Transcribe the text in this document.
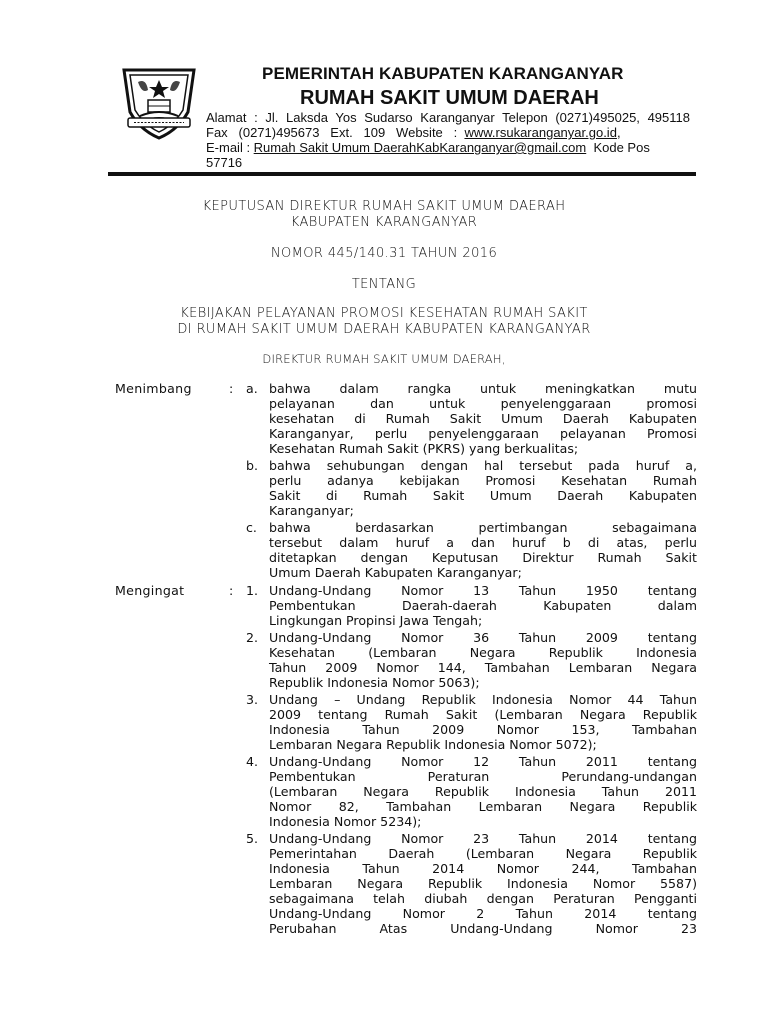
PEMERINTAH KABUPATEN KARANGANYAR
RUMAH SAKIT UMUM DAERAH
Alamat : Jl. Laksda Yos Sudarso Karanganyar Telepon (0271)495025, 495118
Fax   (0271)495673   Ext.   109   Website   :  www.rsukaranganyar.go.id,
E-mail : Rumah Sakit Umum DaerahKabKaranganyar@gmail.com  Kode Pos
57716
KEPUTUSAN DIREKTUR RUMAH SAKIT UMUM DAERAH
KABUPATEN KARANGANYAR
NOMOR 445/140.31 TAHUN 2016
TENTANG
KEBIJAKAN PELAYANAN PROMOSI KESEHATAN RUMAH SAKIT
DI RUMAH SAKIT UMUM DAERAH KABUPATEN KARANGANYAR
DIREKTUR RUMAH SAKIT UMUM DAERAH,
Menimbang	: a. bahwa dalam rangka untuk meningkatkan mutu
pelayanan dan untuk penyelenggaraan promosi
kesehatan di Rumah Sakit Umum Daerah Kabupaten
Karanganyar, perlu penyelenggaraan pelayanan Promosi
Kesehatan Rumah Sakit (PKRS) yang berkualitas;
b. bahwa sehubungan dengan hal tersebut pada huruf a,
perlu adanya kebijakan Promosi Kesehatan Rumah
Sakit di Rumah Sakit Umum Daerah Kabupaten
Karanganyar;
c. bahwa berdasarkan pertimbangan sebagaimana
tersebut dalam huruf a dan huruf b di atas, perlu
ditetapkan dengan Keputusan Direktur Rumah Sakit
Umum Daerah Kabupaten Karanganyar;
Mengingat	: 1. Undang-Undang Nomor 13 Tahun 1950 tentang
Pembentukan Daerah-daerah Kabupaten dalam
Lingkungan Propinsi Jawa Tengah;
2. Undang-Undang Nomor 36 Tahun 2009 tentang
Kesehatan (Lembaran Negara Republik Indonesia
Tahun 2009 Nomor 144, Tambahan Lembaran Negara
Republik Indonesia Nomor 5063);
3. Undang – Undang Republik Indonesia Nomor 44 Tahun
2009 tentang Rumah Sakit (Lembaran Negara Republik
Indonesia Tahun 2009 Nomor 153, Tambahan
Lembaran Negara Republik Indonesia Nomor 5072);
4. Undang-Undang Nomor 12 Tahun 2011 tentang
Pembentukan Peraturan Perundang-undangan
(Lembaran Negara Republik Indonesia Tahun 2011
Nomor 82, Tambahan Lembaran Negara Republik
Indonesia Nomor 5234);
5. Undang-Undang Nomor 23 Tahun 2014 tentang
Pemerintahan Daerah (Lembaran Negara Republik
Indonesia Tahun 2014 Nomor 244, Tambahan
Lembaran Negara Republik Indonesia Nomor 5587)
sebagaimana telah diubah dengan Peraturan Pengganti
Undang-Undang Nomor 2 Tahun 2014 tentang
Perubahan Atas Undang-Undang Nomor 23
